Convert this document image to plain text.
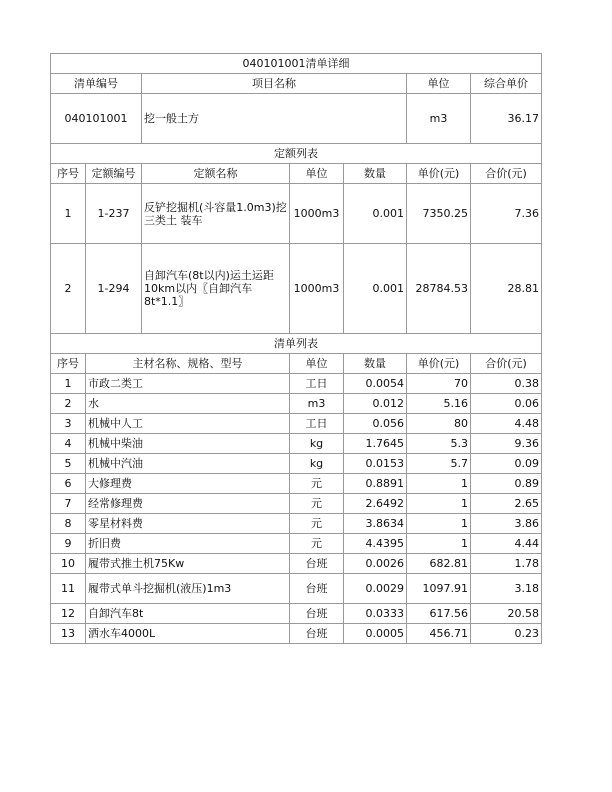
040101001清单详细						
清单编号		项目名称			单位	综合单价
040101001		挖一般土方			m3	36.17
定额列表						
序号	定额编号	定额名称	单位	数量	单价(元)	合价(元)
1	1-237	反铲挖掘机(斗容量1.0m3)挖三类土 装车	1000m3	0.001	7350.25	7.36
2	1-294	自卸汽车(8t以内)运土运距10km以内〖自卸汽车8t*1.1〗	1000m3	0.001	28784.53	28.81
清单列表						
序号	主材名称、规格、型号		单位	数量	单价(元)	合价(元)
1	市政二类工		工日	0.0054	70	0.38
2	水		m3	0.012	5.16	0.06
3	机械中人工		工日	0.056	80	4.48
4	机械中柴油		kg	1.7645	5.3	9.36
5	机械中汽油		kg	0.0153	5.7	0.09
6	大修理费		元	0.8891	1	0.89
7	经常修理费		元	2.6492	1	2.65
8	零星材料费		元	3.8634	1	3.86
9	折旧费		元	4.4395	1	4.44
10	履带式推土机75Kw		台班	0.0026	682.81	1.78
11	履带式单斗挖掘机(液压)1m3		台班	0.0029	1097.91	3.18
12	自卸汽车8t		台班	0.0333	617.56	20.58
13	洒水车4000L		台班	0.0005	456.71	0.23
